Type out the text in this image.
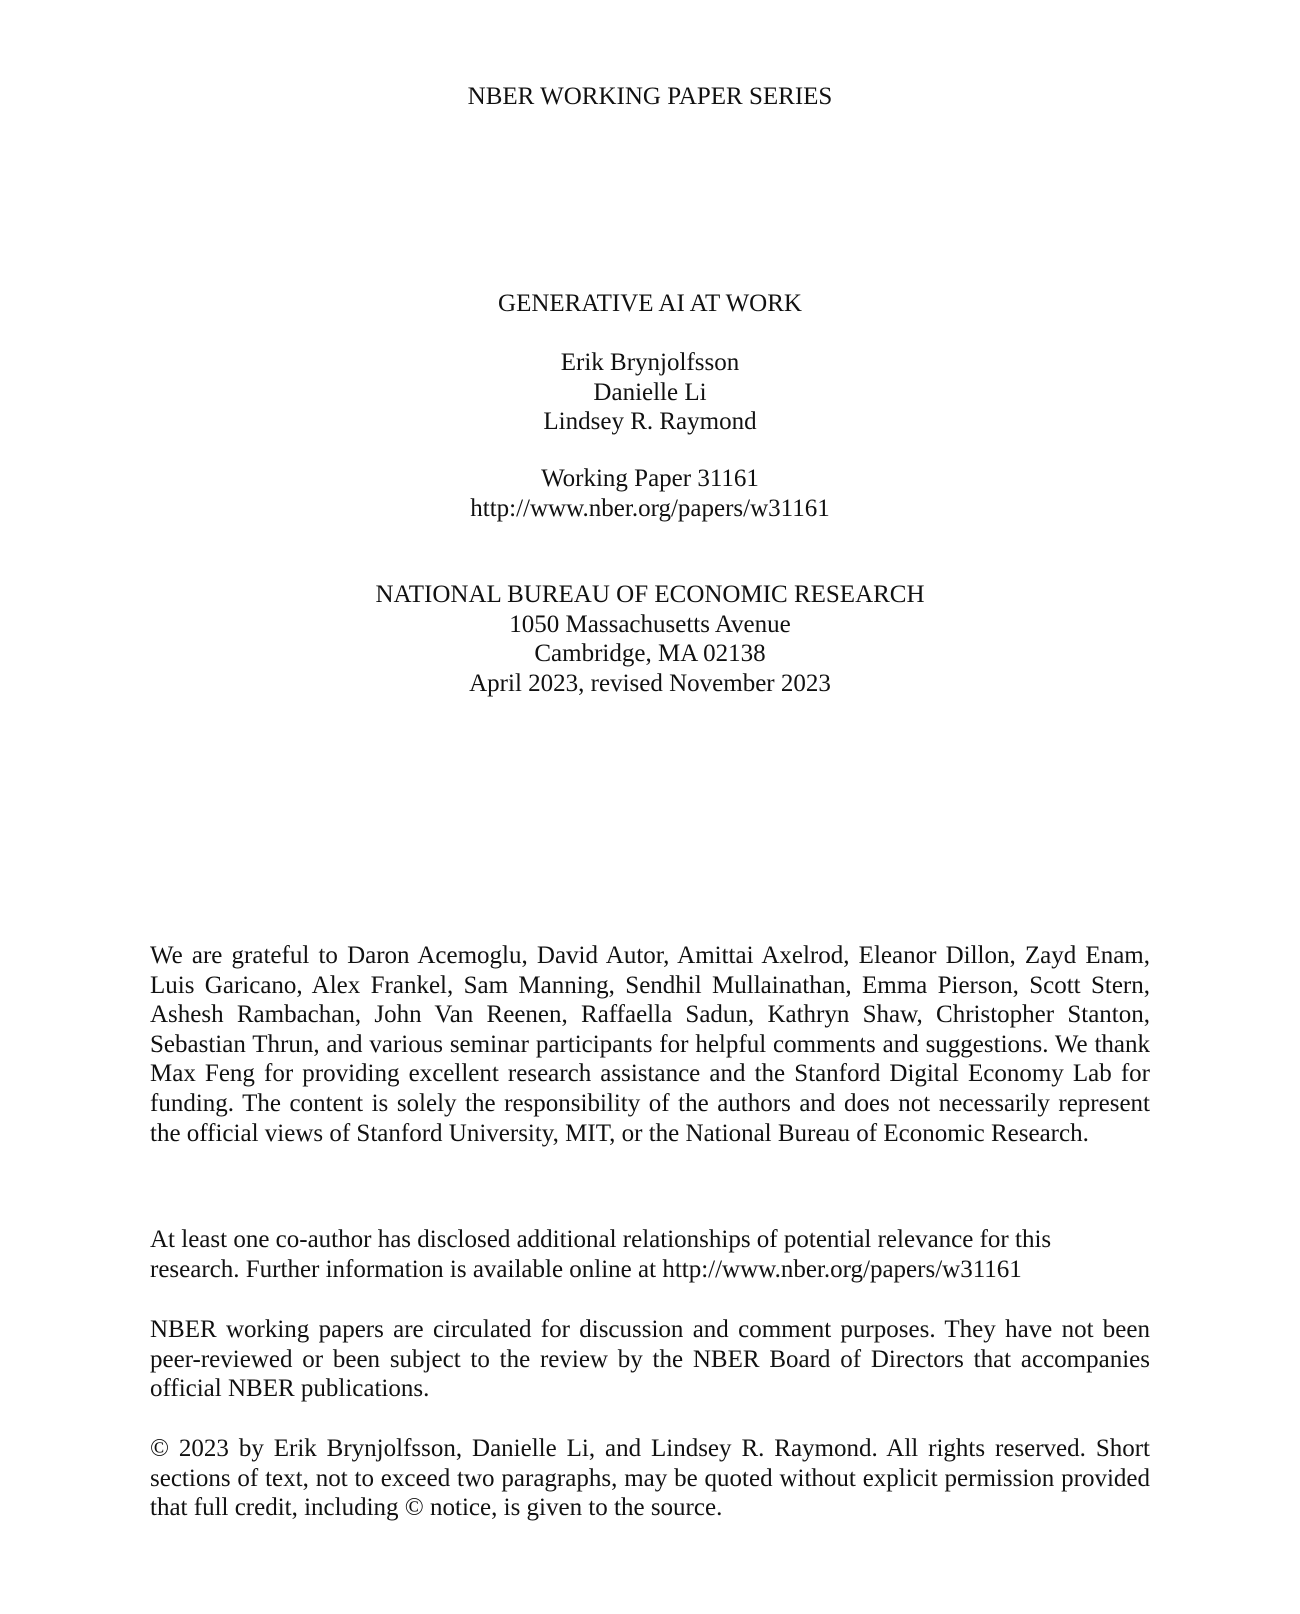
NBER WORKING PAPER SERIES
GENERATIVE AI AT WORK
Erik Brynjolfsson
Danielle Li
Lindsey R. Raymond
Working Paper 31161
http://www.nber.org/papers/w31161
NATIONAL BUREAU OF ECONOMIC RESEARCH
1050 Massachusetts Avenue
Cambridge, MA 02138
April 2023, revised November 2023
We are grateful to Daron Acemoglu, David Autor, Amittai Axelrod, Eleanor Dillon, Zayd Enam, Luis Garicano, Alex Frankel, Sam Manning, Sendhil Mullainathan, Emma Pierson, Scott Stern, Ashesh Rambachan, John Van Reenen, Raffaella Sadun, Kathryn Shaw, Christopher Stanton, Sebastian Thrun, and various seminar participants for helpful comments and suggestions. We thank Max Feng for providing excellent research assistance and the Stanford Digital Economy Lab for funding. The content is solely the responsibility of the authors and does not necessarily represent the official views of Stanford University, MIT, or the National Bureau of Economic Research.
At least one co-author has disclosed additional relationships of potential relevance for this
research. Further information is available online at http://www.nber.org/papers/w31161
NBER working papers are circulated for discussion and comment purposes. They have not been peer-reviewed or been subject to the review by the NBER Board of Directors that accompanies official NBER publications.
© 2023 by Erik Brynjolfsson, Danielle Li, and Lindsey R. Raymond. All rights reserved. Short sections of text, not to exceed two paragraphs, may be quoted without explicit permission provided that full credit, including © notice, is given to the source.
